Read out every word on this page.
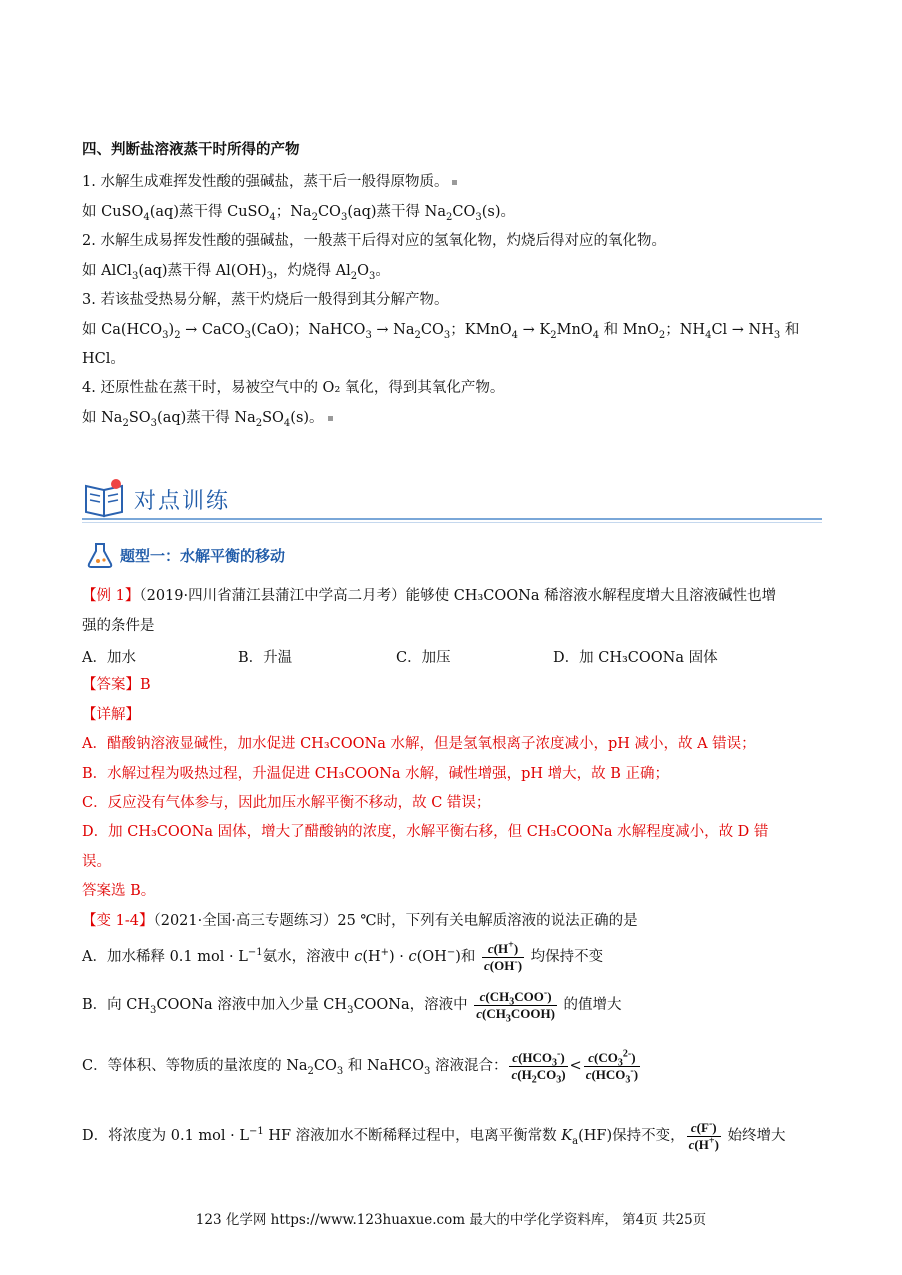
四、判断盐溶液蒸干时所得的产物
1. 水解生成难挥发性酸的强碱盐，蒸干后一般得原物质。
如 CuSO$_4$(aq)蒸干得 CuSO$_4$；$Na_2CO_3(aq)$蒸干得 $Na_2CO_3(s)$。
2. 水解生成易挥发性酸的强碱盐，一般蒸干后得对应的氢氧化物，灼烧后得对应的氧化物。
如 AlCl$_3$(aq)蒸干得 $Al(OH)_3$，灼烧得 $Al_2O_3$。
3. 若该盐受热易分解，蒸干灼烧后一般得到其分解产物。
如 $Ca(HCO_3)_2$ → CaCO$_3$(CaO)；NaHCO$_3$ → $Na_2CO_3$；KMnO$_4$ → $K_2MnO_4$ 和 MnO$_2$；$NH_4Cl \to NH_3$ 和
HCl。
4. 还原性盐在蒸干时，易被空气中的 O₂ 氧化，得到其氧化产物。
如 $Na_2SO_3(aq)$蒸干得 $Na_2SO_4(s)$。
对点训练
题型一：水解平衡的移动
【例 1】（2019·四川省蒲江县蒲江中学高二月考）能够使 CH₃COONa 稀溶液水解程度增大且溶液碱性也增
强的条件是
A．加水	B．升温	C．加压	D．加 CH₃COONa 固体
【答案】B
【详解】
A．醋酸钠溶液显碱性，加水促进 CH₃COONa 水解，但是氢氧根离子浓度减小，pH 减小，故 A 错误；
B．水解过程为吸热过程，升温促进 CH₃COONa 水解，碱性增强，pH 增大，故 B 正确；
C．反应没有气体参与，因此加压水解平衡不移动，故 C 错误；
D．加 CH₃COONa 固体，增大了醋酸钠的浓度，水解平衡右移，但 CH₃COONa 水解程度减小，故 D 错
误。
答案选 B。
【变 1-4】（2021·全国·高三专题练习）25 ℃时，下列有关电解质溶液的说法正确的是
A．加水稀释 0.1 mol · $L^{-1}$氨水，溶液中 c(H+) · c(OH−)和 $\frac{c(H^+)}{c(OH^-)}$ 均保持不变
B．向 $CH_3COONa$ 溶液中加入少量 $CH_3COONa$，溶液中 $\frac{c(CH_3COO^-)}{c(CH_3COOH)}$ 的值增大
C．等体积、等物质的量浓度的 $Na_2CO_3$ 和 NaHCO$_3$ 溶液混合： $\frac{c(HCO_3^-)}{c(H_2CO_3)} < \frac{c(CO_3^{2-})}{c(HCO_3^-)}$
D．将浓度为 0.1 mol · $L^{-1}$ HF 溶液加水不断稀释过程中，电离平衡常数 $K_a(HF)$保持不变， $\frac{c(F^-)}{c(H^+)}$ 始终增大
123 化学网 https://www.123huaxue.com 最大的中学化学资料库， 第4页 共25页
